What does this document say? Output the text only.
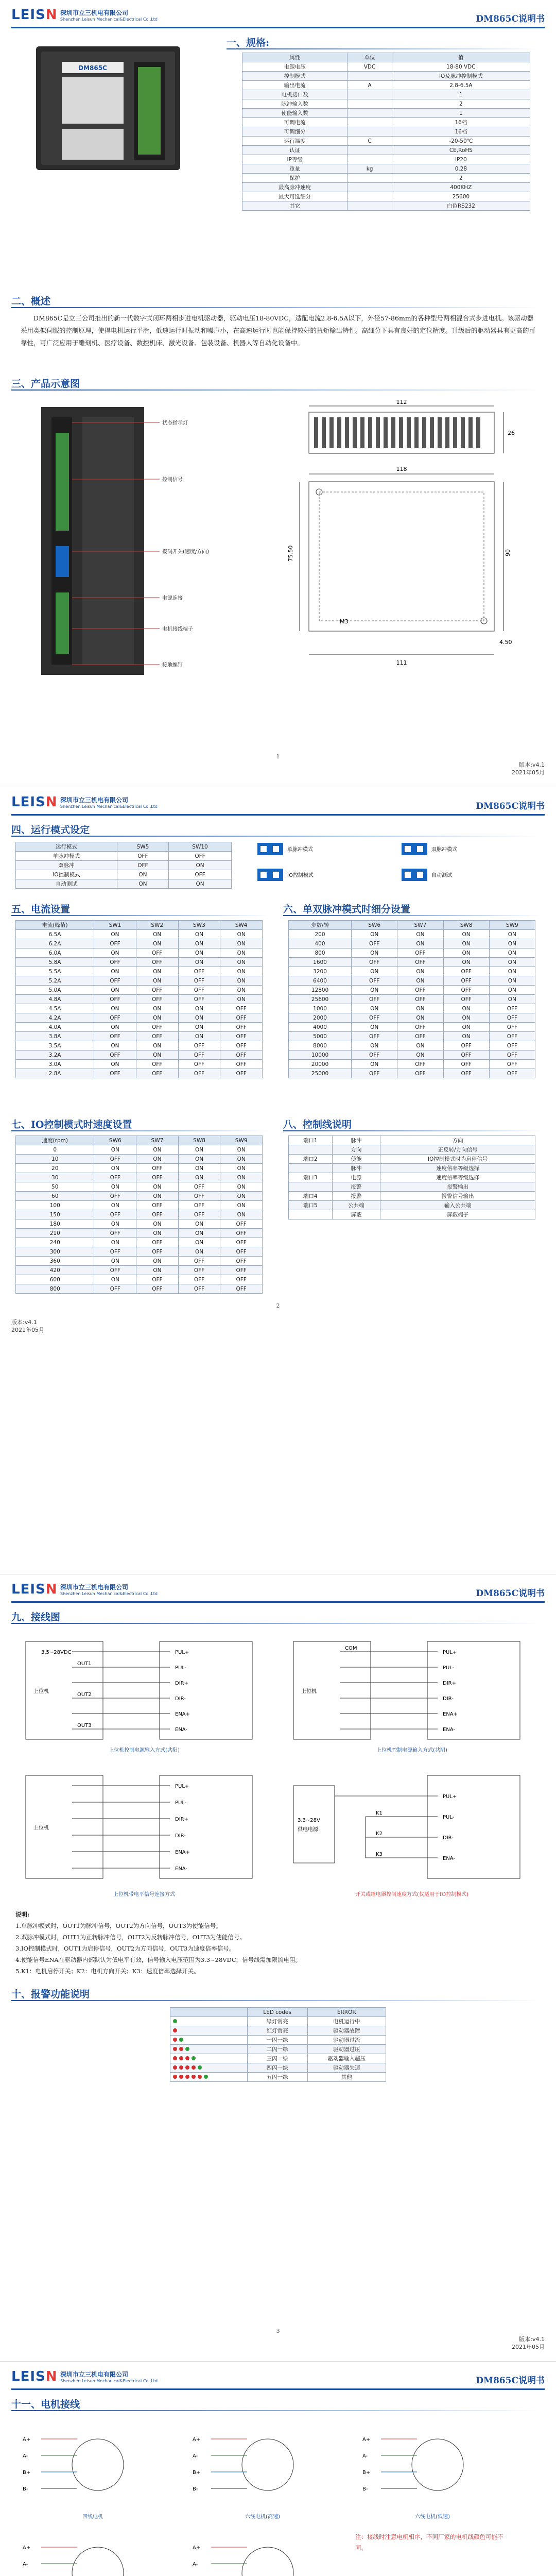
LEISN 深圳市立三机电有限公司
Shenzhen Leisun Mechanical&Electrical Co.,Ltd	DM865C说明书
DM865C
一、规格:
属性	单位	值
电源电压	VDC	18-80 VDC
控制模式		IO及脉冲控制模式
输出电流	A	2.8-6.5A
电机接口数		1
脉冲输入数		2
使能输入数		1
可调电流		16档
可调细分		16档
运行温度	C	-20-50℃
认证		CE,RoHS
IP等级		IP20
重量	kg	0.28
保护		2
最高脉冲速度		400KHZ
最大可选细分		25600
其它		白色RS232
二、概述
DM865C是立三公司推出的新一代数字式闭环两相步进电机驱动器，驱动电压18-80VDC，适配电流2.8-6.5A以下，外径57-86mm的各种型号两相混合式步进电机。该驱动器采用类似伺服的控制原理，使得电机运行平滑，低速运行时振动和噪声小，在高速运行时也能保持较好的扭矩输出特性。高细分下具有良好的定位精度。升级后的驱动器具有更高的可靠性，可广泛应用于雕刻机、医疗设备、数控机床、激光设备、包装设备、机器人等自动化设备中。
三、产品示意图
状态指示灯
控制信号
拨码开关(速度/方向)
电源连接
电机接线端子
接地螺钉
112
26
118
M3
75.50	90
4.50
111
1
版本:v4.1
2021年05月
LEISN 深圳市立三机电有限公司
Shenzhen Leisun Mechanical&Electrical Co.,Ltd	DM865C说明书
四、运行模式设定
运行模式	SW5	SW10
单脉冲模式	OFF	OFF
双脉冲	OFF	ON
IO控制模式	ON	OFF
自动测试	ON	ON
单脉冲模式	双脉冲模式
IO控制模式	自动测试
五、电流设置
电流(峰值)	SW1	SW2	SW3	SW4
6.5A	ON	ON	ON	ON
6.2A	OFF	ON	ON	ON
6.0A	ON	OFF	ON	ON
5.8A	OFF	OFF	ON	ON
5.5A	ON	ON	OFF	ON
5.2A	OFF	ON	OFF	ON
5.0A	ON	OFF	OFF	ON
4.8A	OFF	OFF	OFF	ON
4.5A	ON	ON	ON	OFF
4.2A	OFF	ON	ON	OFF
4.0A	ON	OFF	ON	OFF
3.8A	OFF	OFF	ON	OFF
3.5A	ON	ON	OFF	OFF
3.2A	OFF	ON	OFF	OFF
3.0A	ON	OFF	OFF	OFF
2.8A	OFF	OFF	OFF	OFF
六、单双脉冲模式时细分设置
步数/转	SW6	SW7	SW8	SW9
200	ON	ON	ON	ON
400	OFF	ON	ON	ON
800	ON	OFF	ON	ON
1600	OFF	OFF	ON	ON
3200	ON	ON	OFF	ON
6400	OFF	ON	OFF	ON
12800	ON	OFF	OFF	ON
25600	OFF	OFF	OFF	ON
1000	ON	ON	ON	OFF
2000	OFF	ON	ON	OFF
4000	ON	OFF	ON	OFF
5000	OFF	OFF	ON	OFF
8000	ON	ON	OFF	OFF
10000	OFF	ON	OFF	OFF
20000	ON	OFF	OFF	OFF
25000	OFF	OFF	OFF	OFF
七、IO控制模式时速度设置
速度(rpm)	SW6	SW7	SW8	SW9
0	ON	ON	ON	ON
10	OFF	ON	ON	ON
20	ON	OFF	ON	ON
30	OFF	OFF	ON	ON
50	ON	ON	OFF	ON
60	OFF	ON	OFF	ON
100	ON	OFF	OFF	ON
150	OFF	OFF	OFF	ON
180	ON	ON	ON	OFF
210	OFF	ON	ON	OFF
240	ON	OFF	ON	OFF
300	OFF	OFF	ON	OFF
360	ON	ON	OFF	OFF
420	OFF	ON	OFF	OFF
600	ON	OFF	OFF	OFF
800	OFF	OFF	OFF	OFF
八、控制线说明
端口1	脉冲	方向
	方向	正反转/方向信号
端口2	使能	IO控制模式时为启停信号
	脉冲	速度倍率等级选择
端口3	电源	速度倍率等级选择
	报警	报警输出
端口4	报警	报警信号输出
端口5	公共端	输入公共端
	屏蔽	屏蔽端子
2
版本:v4.1
2021年05月
LEISN 深圳市立三机电有限公司
Shenzhen Leisun Mechanical&Electrical Co.,Ltd	DM865C说明书
九、接线图
上位机
3.5~28VDC	PUL+
PUL-
DIR+
DIR-
ENA+
ENA-
OUT1
OUT2
OUT3
上位机控制电源输入方式(共阳)
上位机
COM
PUL+
PUL-
DIR+
DIR-
ENA+
ENA-
上位机控制电源输入方式(共阴)
上位机
PUL+
PUL-
DIR+
DIR-
ENA+
ENA-
上位机带电平信号连接方式
3.3~28V
供电电源
K1
K2
K3
PUL+
PUL-
DIR-
ENA-
开关或继电器控制速度方式(仅适用于IO控制模式)
说明:
1.单脉冲模式时，OUT1为脉冲信号，OUT2为方向信号，OUT3为使能信号。
2.双脉冲模式时，OUT1为正转脉冲信号，OUT2为反转脉冲信号，OUT3为使能信号。
3.IO控制模式时，OUT1为启停信号，OUT2为方向信号，OUT3为速度倍率信号。
4.使能信号ENA在驱动器内部默认为低电平有效，信号输入电压范围为3.3~28VDC，信号线需加限流电阻。
5.K1：电机启停开关；K2：电机方向开关；K3：速度倍率选择开关。
十、报警功能说明
	LED codes	ERROR
	绿灯常亮	电机运行中
	红灯常亮	驱动器故障
	一闪一绿	驱动器过流
	二闪一绿	驱动器过压
	三闪一绿	驱动器输入超压
	四闪一绿	驱动器失速
	五闪一绿	其他
3
版本:v4.1
2021年05月
LEISN 深圳市立三机电有限公司
Shenzhen Leisun Mechanical&Electrical Co.,Ltd	DM865C说明书
十一、电机接线
A+
A-
B+
B-
四线电机
A+
A-
B+
B-
六线电机(高速)
A+
A-
B+
B-
六线电机(低速)
A+
A-
A+
A-
注：接线时注意电机相序，不同厂家的电机线颜色可能不同。
